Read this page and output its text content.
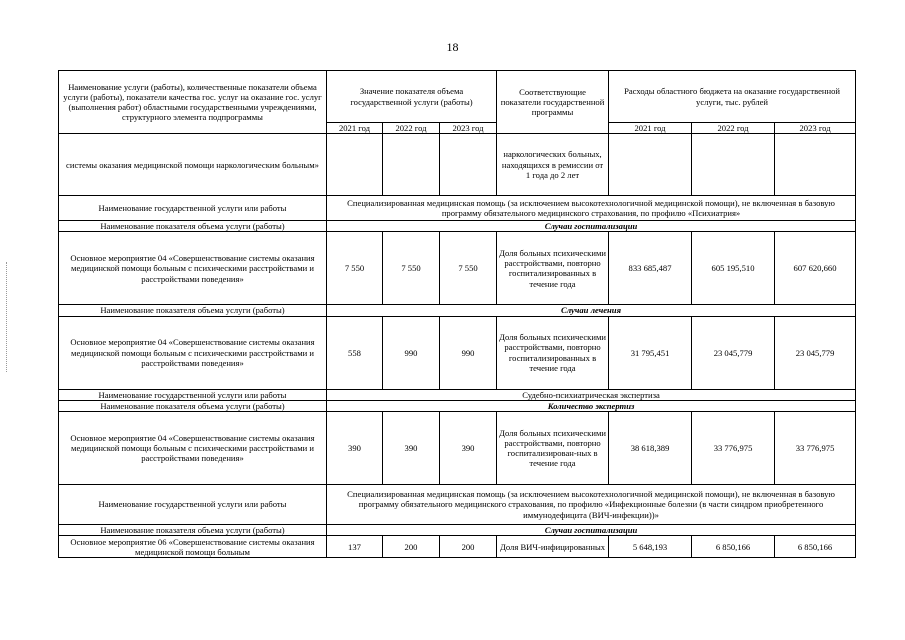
18
Наименование услуги (работы), количественные показатели объема услуги (работы), показатели качества гос. услуг на оказание гос. услуг (выполнения работ) областными государственными учреждениями, структурного элемента подпрограммы	Значение показателя объема государственной услуги (работы)			Соответствующие показатели государственной программы	Расходы областного бюджета на оказание государственной услуги, тыс. рублей		
	2021 год	2022 год	2023 год		2021 год	2022 год	2023 год
системы оказания медицинской помощи наркологическим больным»				наркологических больных, находящихся в ремиссии от 1 года до 2 лет			
Наименование государственной услуги или работы	Специализированная медицинская помощь (за исключением высокотехнологичной медицинской помощи), не включенная в базовую программу обязательного медицинского страхования, по профилю «Психиатрия»						
Наименование показателя объема услуги (работы)	Случаи госпитализации						
Основное мероприятие 04 «Совершенствование системы оказания медицинской помощи больным с психическими расстройствами и расстройствами поведения»	7 550	7 550	7 550	Доля больных психическими расстройствами, повторно госпитализированных в течение года	833 685,487	605 195,510	607 620,660
Наименование показателя объема услуги (работы)	Случаи лечения						
Основное мероприятие 04 «Совершенствование системы оказания медицинской помощи больным с психическими расстройствами и расстройствами поведения»	558	990	990	Доля больных психическими расстройствами, повторно госпитализированных в течение года	31 795,451	23 045,779	23 045,779
Наименование государственной услуги или работы	Судебно-психиатрическая экспертиза						
Наименование показателя объема услуги (работы)	Количество экспертиз						
Основное мероприятие 04 «Совершенствование системы оказания медицинской помощи больным с психическими расстройствами и расстройствами поведения»	390	390	390	Доля больных психическими расстройствами, повторно госпитализирован-ных в течение года	38 618,389	33 776,975	33 776,975
Наименование государственной услуги или работы	Специализированная медицинская помощь (за исключением высокотехнологичной медицинской помощи), не включенная в базовую программу обязательного медицинского страхования, по профилю «Инфекционные болезни (в части синдром приобретенного иммунодефицита (ВИЧ-инфекции))»						
Наименование показателя объема услуги (работы)	Случаи госпитализации						
Основное мероприятие 06 «Совершенствование системы оказания медицинской помощи больным	137	200	200	Доля ВИЧ-инфицированных	5 648,193	6 850,166	6 850,166
